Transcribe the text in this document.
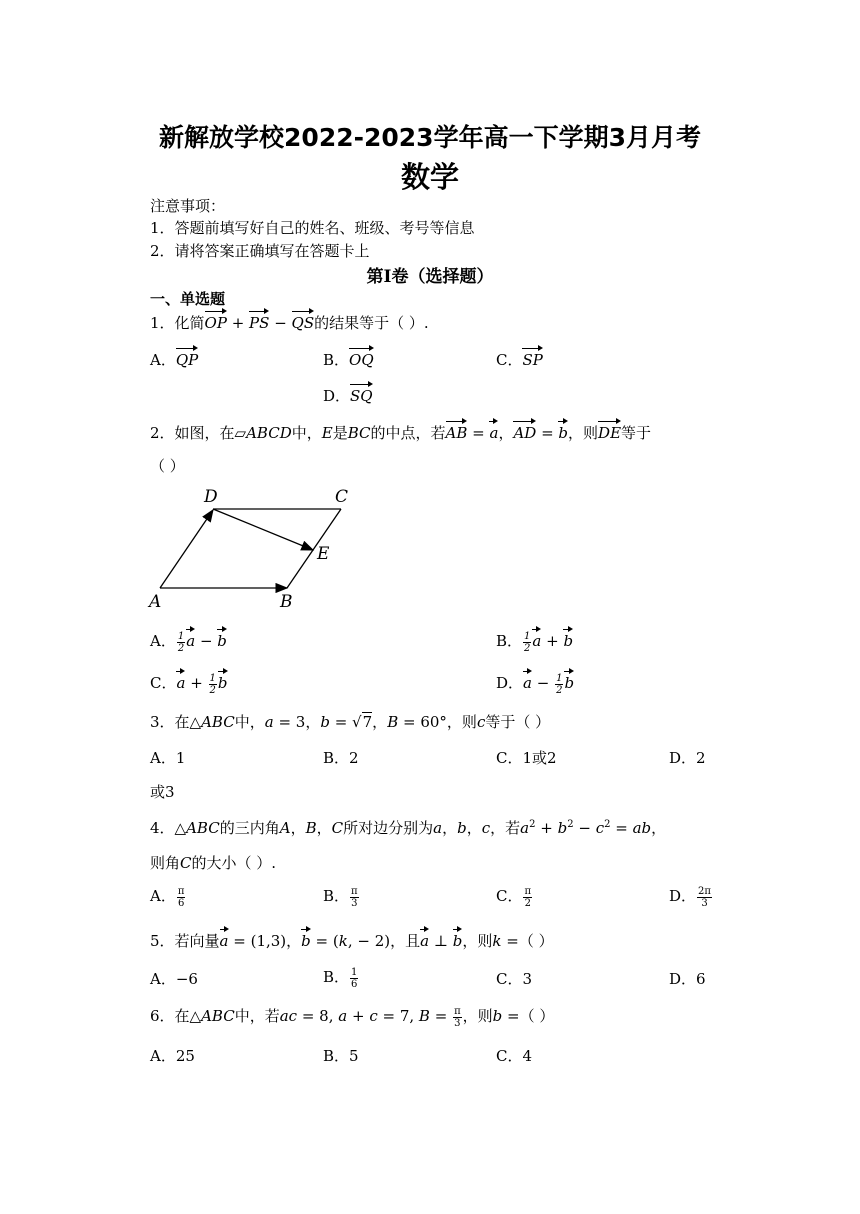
新解放学校2022-2023学年高一下学期3月月考
数学
注意事项：
1．答题前填写好自己的姓名、班级、考号等信息
2．请将答案正确填写在答题卡上
第I卷（选择题）
一、单选题
1．化简OP + PS − QS的结果等于（ ）.
A．QP	B．OQ	C．SP
D．SQ
2．如图，在▱ABCD中，E是BC的中点，若AB = a，AD = b，则DE等于
（ ）
A	B
C
D
E
A． $\frac{1}{2}$ a − b	B． $\frac{1}{2}$ a + b
C．$a + \frac{1}{2}$ b	D．$a - \frac{1}{2}$ b
3．在△ABC中，a = 3，b = √7，B = 60°，则c等于（ ）
A．1	B．2	C．1或2	D．2
或3
4．△ABC的三内角A，B，C所对边分别为a，b，c，若$a^2 + b^2 - c^2$ = ab，
则角C的大小（ ）.
A． $\frac{\pi}{6}$	B． $\frac{\pi}{3}$	C． $\frac{\pi}{2}$	D． $\frac{2\pi}{3}$
5．若向量a = (1,3)，b = (k, − 2)，且a ⊥ b，则k =（ ）
A．−6	B． $\frac{1}{6}$	C．3	D．6
6．在△ABC中，若ac = 8, a + c = 7, $B = \frac{\pi}{3}$ ，则b =（ ）
A．25	B．5	C．4
